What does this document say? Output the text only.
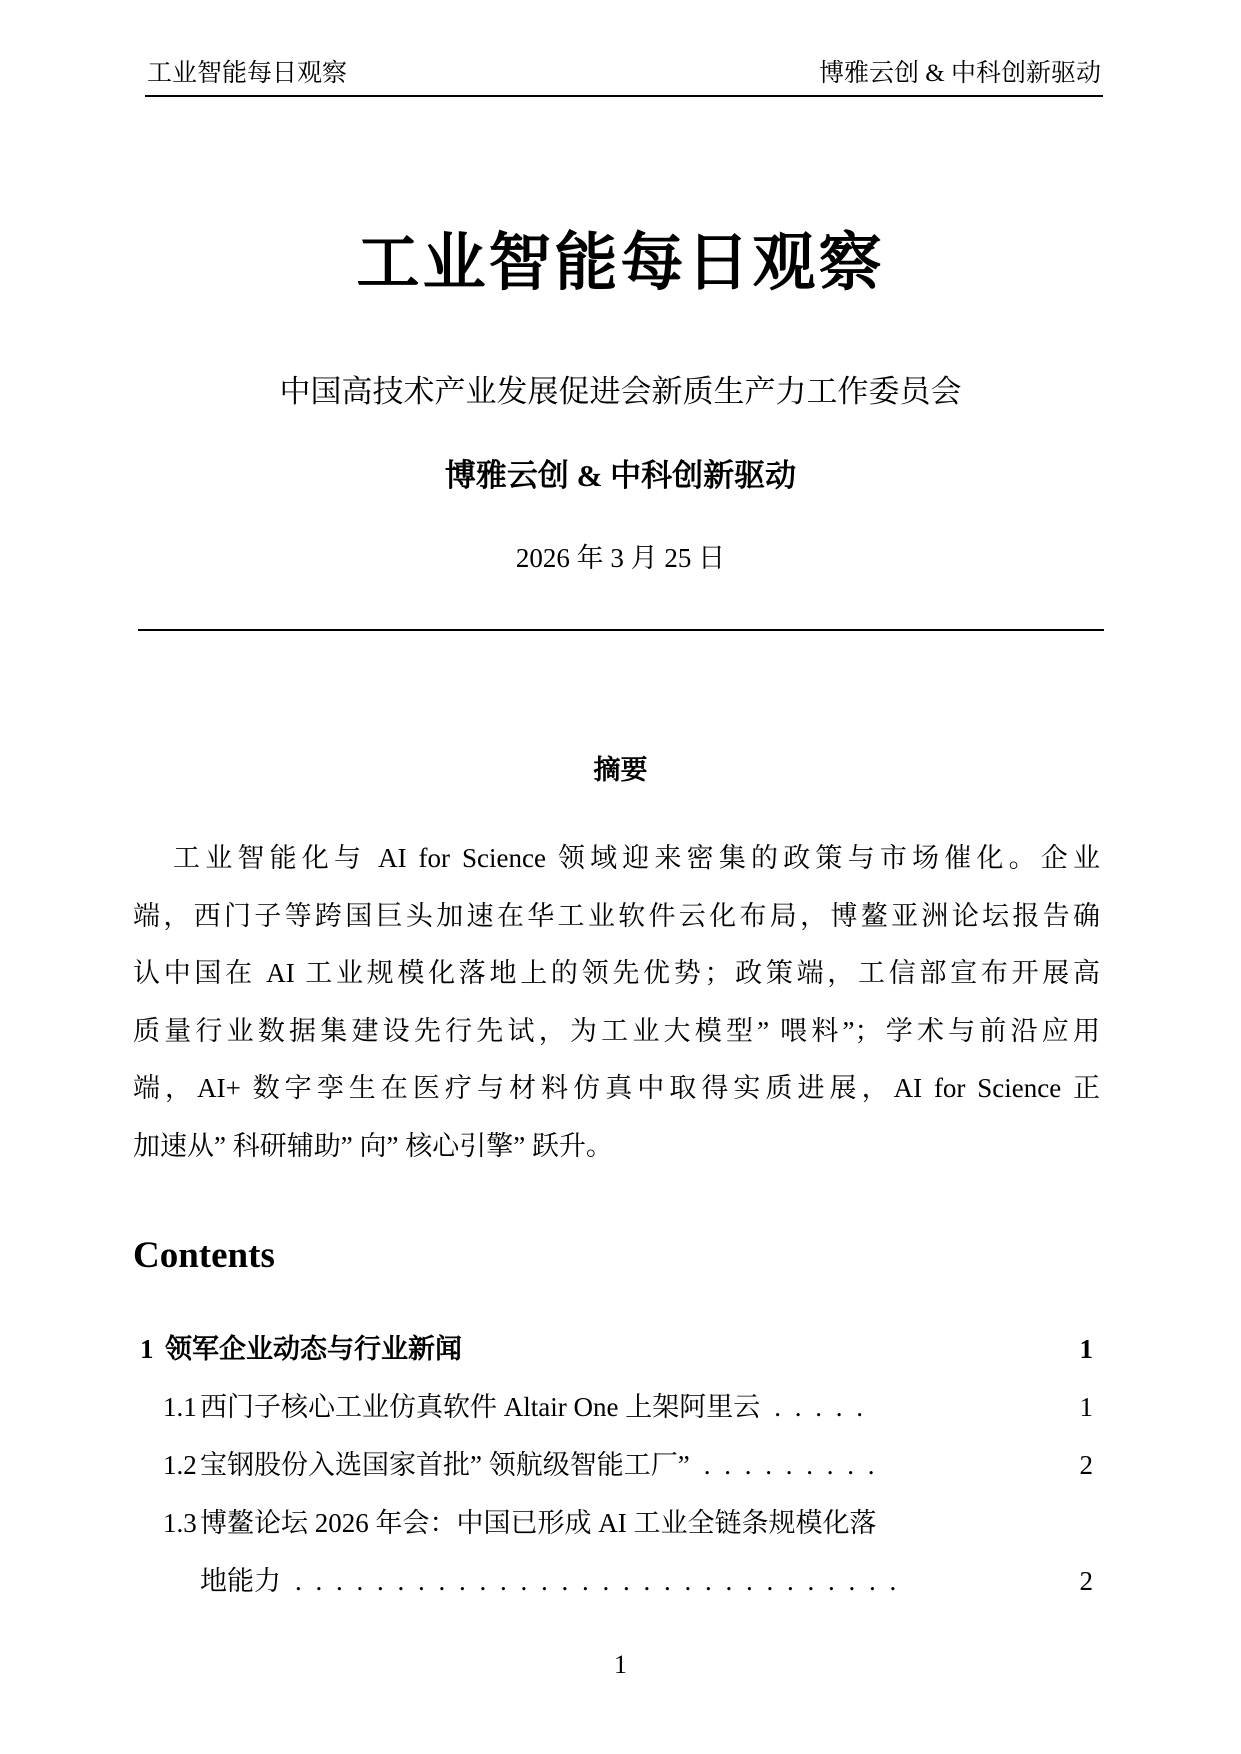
工业智能每日观察	博雅云创 & 中科创新驱动
工业智能每日观察
中国高技术产业发展促进会新质生产力工作委员会
博雅云创 & 中科创新驱动
2026 年 3 月 25 日
摘要
工业智能化与 AI for Science 领域迎来密集的政策与市场催化。企业
端，西门子等跨国巨头加速在华工业软件云化布局，博鳌亚洲论坛报告确
认中国在 AI 工业规模化落地上的领先优势；政策端，工信部宣布开展高
质量行业数据集建设先行先试，为工业大模型” 喂料”；学术与前沿应用
端，AI+ 数字孪生在医疗与材料仿真中取得实质进展，AI for Science 正
加速从” 科研辅助” 向” 核心引擎” 跃升。
Contents
1 领军企业动态与行业新闻	1
1.1 西门子核心工业仿真软件 Altair One 上架阿里云 . . . . .	1
1.2 宝钢股份入选国家首批” 领航级智能工厂” . . . . . . . . .	2
1.3 博鳌论坛 2026 年会：中国已形成 AI 工业全链条规模化落
地能力 . . . . . . . . . . . . . . . . . . . . . . . . . . . . . .	2
1
